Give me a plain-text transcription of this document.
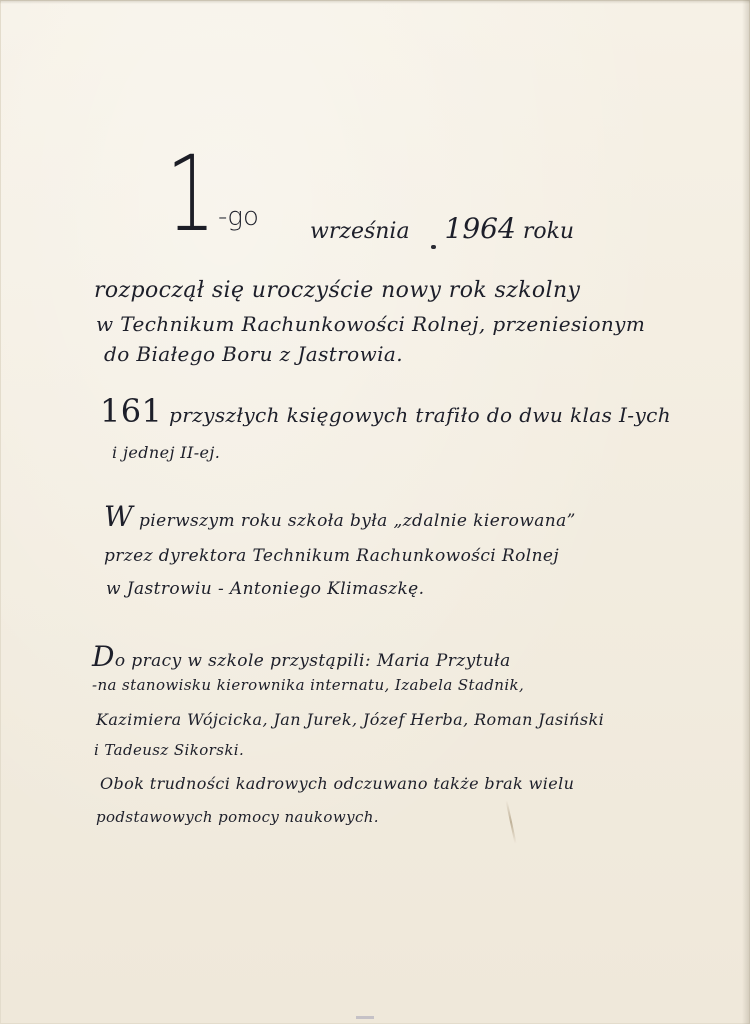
1 -go września 1964 roku
rozpoczął się uroczyście nowy rok szkolny
w Technikum Rachunkowości Rolnej, przeniesionym
do Białego Boru z Jastrowia.
161 przyszłych księgowych trafiło do dwu klas I-ych
i jednej II-ej.
W pierwszym roku szkoła była „zdalnie kierowana”
przez dyrektora Technikum Rachunkowości Rolnej
w Jastrowiu - Antoniego Klimaszkę.
Do pracy w szkole przystąpili: Maria Przytuła
-na stanowisku kierownika internatu, Izabela Stadnik,
Kazimiera Wójcicka, Jan Jurek, Józef Herba, Roman Jasiński
i Tadeusz Sikorski.
Obok trudności kadrowych odczuwano także brak wielu
podstawowych pomocy naukowych.
